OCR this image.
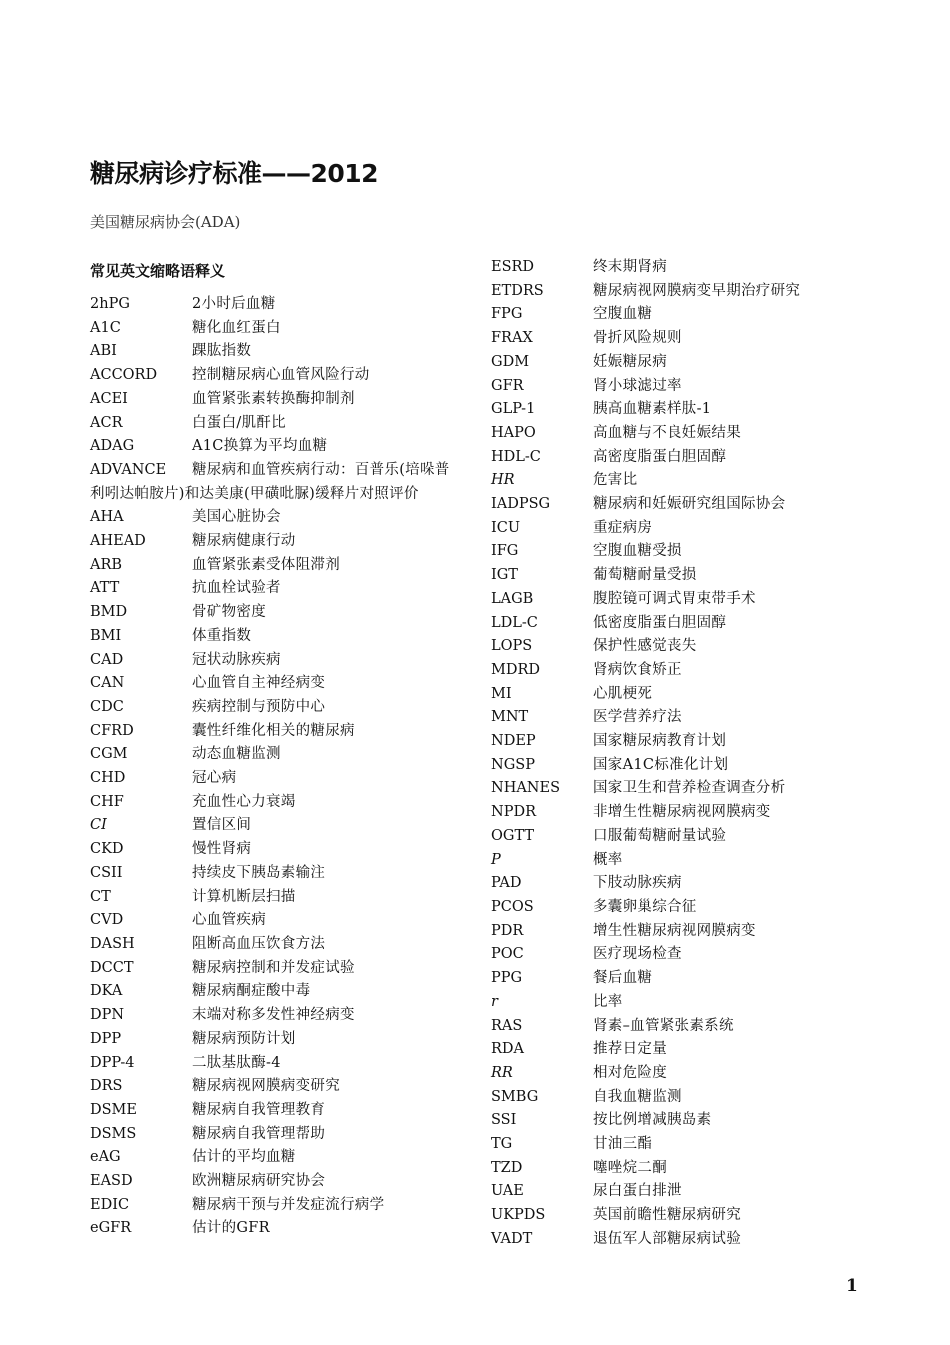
糖尿病诊疗标准——2012

美国糖尿病协会(ADA)

常见英文缩略语释义
2hPG	2小时后血糖
A1C	糖化血红蛋白
ABI	踝肱指数
ACCORD	控制糖尿病心血管风险行动
ACEI	血管紧张素转换酶抑制剂
ACR	白蛋白/肌酐比
ADAG	A1C换算为平均血糖
ADVANCE 糖尿病和血管疾病行动：百普乐(培哚普利吲达帕胺片)和达美康(甲磺吡脲)缓释片对照评价
AHA	美国心脏协会
AHEAD	糖尿病健康行动
ARB	血管紧张素受体阻滞剂
ATT	抗血栓试验者
BMD	骨矿物密度
BMI	体重指数
CAD	冠状动脉疾病
CAN	心血管自主神经病变
CDC	疾病控制与预防中心
CFRD	囊性纤维化相关的糖尿病
CGM	动态血糖监测
CHD	冠心病
CHF	充血性心力衰竭
CI	置信区间
CKD	慢性肾病
CSII	持续皮下胰岛素输注
CT	计算机断层扫描
CVD	心血管疾病
DASH	阻断高血压饮食方法
DCCT	糖尿病控制和并发症试验
DKA	糖尿病酮症酸中毒
DPN	末端对称多发性神经病变
DPP	糖尿病预防计划
DPP-4	二肽基肽酶-4
DRS	糖尿病视网膜病变研究
DSME	糖尿病自我管理教育
DSMS	糖尿病自我管理帮助
eAG	估计的平均血糖
EASD	欧洲糖尿病研究协会
EDIC	糖尿病干预与并发症流行病学
eGFR	估计的GFR
ESRD	终末期肾病
ETDRS	糖尿病视网膜病变早期治疗研究
FPG	空腹血糖
FRAX	骨折风险规则
GDM	妊娠糖尿病
GFR	肾小球滤过率
GLP-1	胰高血糖素样肽-1
HAPO	高血糖与不良妊娠结果
HDL-C	高密度脂蛋白胆固醇
HR	危害比
IADPSG	糖尿病和妊娠研究组国际协会
ICU	重症病房
IFG	空腹血糖受损
IGT	葡萄糖耐量受损
LAGB	腹腔镜可调式胃束带手术
LDL-C	低密度脂蛋白胆固醇
LOPS	保护性感觉丧失
MDRD	肾病饮食矫正
MI	心肌梗死
MNT	医学营养疗法
NDEP	国家糖尿病教育计划
NGSP	国家A1C标准化计划
NHANES	国家卫生和营养检查调查分析
NPDR	非增生性糖尿病视网膜病变
OGTT	口服葡萄糖耐量试验
P	概率
PAD	下肢动脉疾病
PCOS	多囊卵巢综合征
PDR	增生性糖尿病视网膜病变
POC	医疗现场检查
PPG	餐后血糖
r	比率
RAS	肾素–血管紧张素系统
RDA	推荐日定量
RR	相对危险度
SMBG	自我血糖监测
SSI	按比例增减胰岛素
TG	甘油三酯
TZD	噻唑烷二酮
UAE	尿白蛋白排泄
UKPDS	英国前瞻性糖尿病研究
VADT	退伍军人部糖尿病试验
1
